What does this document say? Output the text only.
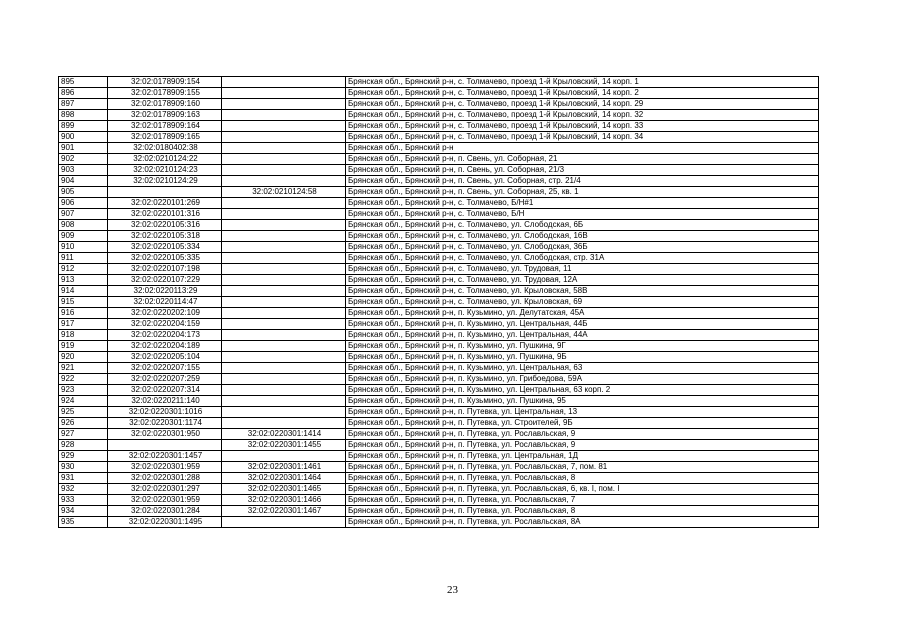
895	32:02:0178909:154		Брянская обл., Брянский р-н, с. Толмачево, проезд 1-й Крыловский, 14 корп. 1
896	32:02:0178909:155		Брянская обл., Брянский р-н, с. Толмачево, проезд 1-й Крыловский, 14 корп. 2
897	32:02:0178909:160		Брянская обл., Брянский р-н, с. Толмачево, проезд 1-й Крыловский, 14 корп. 29
898	32:02:0178909:163		Брянская обл., Брянский р-н, с. Толмачево, проезд 1-й Крыловский, 14 корп. 32
899	32:02:0178909:164		Брянская обл., Брянский р-н, с. Толмачево, проезд 1-й Крыловский, 14 корп. 33
900	32:02:0178909:165		Брянская обл., Брянский р-н, с. Толмачево, проезд 1-й Крыловский, 14 корп. 34
901	32:02:0180402:38		Брянская обл., Брянский р-н
902	32:02:0210124:22		Брянская обл., Брянский р-н, п. Свень, ул. Соборная, 21
903	32:02:0210124:23		Брянская обл., Брянский р-н, п. Свень, ул. Соборная, 21/3
904	32:02:0210124:29		Брянская обл., Брянский р-н, п. Свень, ул. Соборная, стр. 21/4
905		32:02:0210124:58	Брянская обл., Брянский р-н, п. Свень, ул. Соборная, 25, кв. 1
906	32:02:0220101:269		Брянская обл., Брянский р-н, с. Толмачево, Б/Н#1
907	32:02:0220101:316		Брянская обл., Брянский р-н, с. Толмачево, Б/Н
908	32:02:0220105:316		Брянская обл., Брянский р-н, с. Толмачево, ул. Слободская, 6Б
909	32:02:0220105:318		Брянская обл., Брянский р-н, с. Толмачево, ул. Слободская, 16В
910	32:02:0220105:334		Брянская обл., Брянский р-н, с. Толмачево, ул. Слободская, 36Б
911	32:02:0220105:335		Брянская обл., Брянский р-н, с. Толмачево, ул. Слободская, стр. 31А
912	32:02:0220107:198		Брянская обл., Брянский р-н, с. Толмачево, ул. Трудовая, 11
913	32:02:0220107:229		Брянская обл., Брянский р-н, с. Толмачево, ул. Трудовая, 12А
914	32:02:0220113:29		Брянская обл., Брянский р-н, с. Толмачево, ул. Крыловская, 58В
915	32:02:0220114:47		Брянская обл., Брянский р-н, с. Толмачево, ул. Крыловская, 69
916	32:02:0220202:109		Брянская обл., Брянский р-н, п. Кузьмино, ул. Делутатская, 45А
917	32:02:0220204:159		Брянская обл., Брянский р-н, п. Кузьмино, ул. Центральная, 44Б
918	32:02:0220204:173		Брянская обл., Брянский р-н, п. Кузьмино, ул. Центральная, 44А
919	32:02:0220204:189		Брянская обл., Брянский р-н, п. Кузьмино, ул. Пушкина, 9Г
920	32:02:0220205:104		Брянская обл., Брянский р-н, п. Кузьмино, ул. Пушкина, 9Б
921	32:02:0220207:155		Брянская обл., Брянский р-н, п. Кузьмино, ул. Центральная, 63
922	32:02:0220207:259		Брянская обл., Брянский р-н, п. Кузьмино, ул. Грибоедова, 59А
923	32:02:0220207:314		Брянская обл., Брянский р-н, п. Кузьмино, ул. Центральная, 63 корп. 2
924	32:02:0220211:140		Брянская обл., Брянский р-н, п. Кузьмино, ул. Пушкина, 95
925	32:02:0220301:1016		Брянская обл., Брянский р-н, п. Путевка, ул. Центральная, 13
926	32:02:0220301:1174		Брянская обл., Брянский р-н, п. Путевка, ул. Строителей, 9Б
927	32:02:0220301:950	32:02:0220301:1414	Брянская обл., Брянский р-н, п. Путевка, ул. Рославльская, 9
928		32:02:0220301:1455	Брянская обл., Брянский р-н, п. Путевка, ул. Рославльская, 9
929	32:02:0220301:1457		Брянская обл., Брянский р-н, п. Путевка, ул. Центральная, 1Д
930	32:02:0220301:959	32:02:0220301:1461	Брянская обл., Брянский р-н, п. Путевка, ул. Рославльская, 7, пом. 81
931	32:02:0220301:288	32:02:0220301:1464	Брянская обл., Брянский р-н, п. Путевка, ул. Рославльская, 8
932	32:02:0220301:297	32:02:0220301:1465	Брянская обл., Брянский р-н, п. Путевка, ул. Рославльская, 6, кв. I, пом. I
933	32:02:0220301:959	32:02:0220301:1466	Брянская обл., Брянский р-н, п. Путевка, ул. Рославльская, 7
934	32:02:0220301:284	32:02:0220301:1467	Брянская обл., Брянский р-н, п. Путевка, ул. Рославльская, 8
935	32:02:0220301:1495		Брянская обл., Брянский р-н, п. Путевка, ул. Рославльская, 8А
23
